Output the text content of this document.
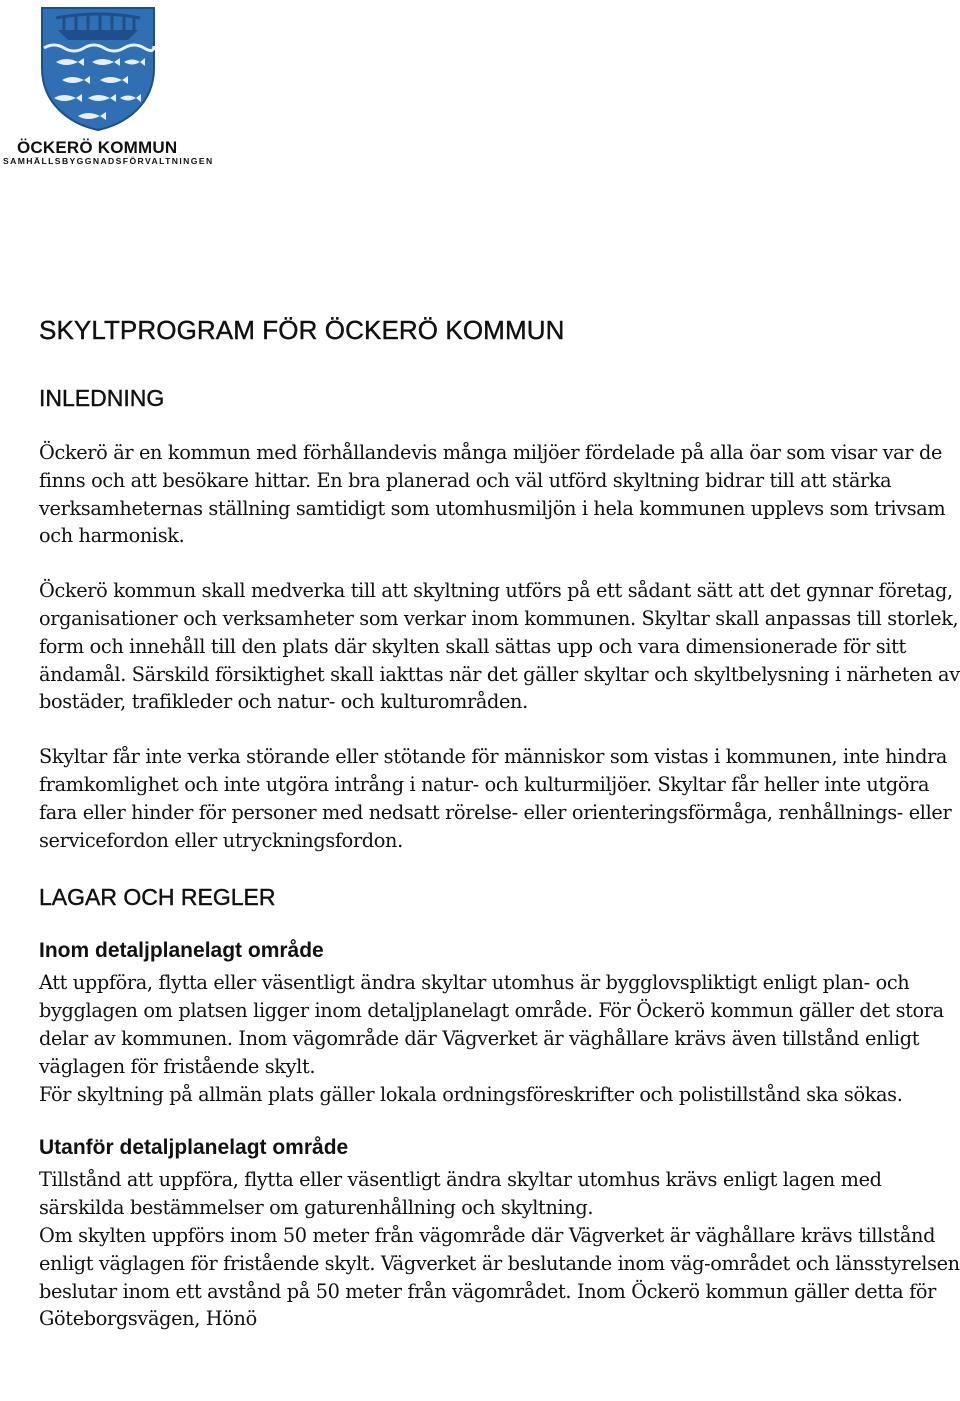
ÖCKERÖ KOMMUN
SAMHÄLLSBYGGNADSFÖRVALTNINGEN
SKYLTPROGRAM FÖR ÖCKERÖ KOMMUN
INLEDNING

Öckerö är en kommun med förhållandevis många miljöer fördelade på alla öar som visar var de finns och att besökare hittar. En bra planerad och väl utförd skyltning bidrar till att stärka verksamheternas ställning samtidigt som utomhusmiljön i hela kommunen upplevs som trivsam och harmonisk.

Öckerö kommun skall medverka till att skyltning utförs på ett sådant sätt att det gynnar företag, organisationer och verksamheter som verkar inom kommunen. Skyltar skall anpassas till storlek, form och innehåll till den plats där skylten skall sättas upp och vara dimensionerade för sitt ändamål. Särskild försiktighet skall iakttas när det gäller skyltar och skyltbelysning i närheten av bostäder, trafikleder och natur- och kulturområden.

Skyltar får inte verka störande eller stötande för människor som vistas i kommunen, inte hindra framkomlighet och inte utgöra intrång i natur- och kulturmiljöer. Skyltar får heller inte utgöra fara eller hinder för personer med nedsatt rörelse- eller orienteringsförmåga, renhållnings- eller servicefordon eller utryckningsfordon.

LAGAR OCH REGLER
Inom detaljplanelagt område

Att uppföra, flytta eller väsentligt ändra skyltar utomhus är bygglovspliktigt enligt plan- och bygglagen om platsen ligger inom detaljplanelagt område. För Öckerö kommun gäller det stora delar av kommunen. Inom vägområde där Vägverket är väghållare krävs även tillstånd enligt väglagen för fristående skylt.

För skyltning på allmän plats gäller lokala ordningsföreskrifter och polistillstånd ska sökas.

Utanför detaljplanelagt område

Tillstånd att uppföra, flytta eller väsentligt ändra skyltar utomhus krävs enligt lagen med särskilda bestämmelser om gaturenhållning och skyltning.

Om skylten uppförs inom 50 meter från vägområde där Vägverket är väghållare krävs tillstånd enligt väglagen för fristående skylt. Vägverket är beslutande inom väg-området och länsstyrelsen beslutar inom ett avstånd på 50 meter från vägområdet. Inom Öckerö kommun gäller detta för Göteborgsvägen, Hönö
